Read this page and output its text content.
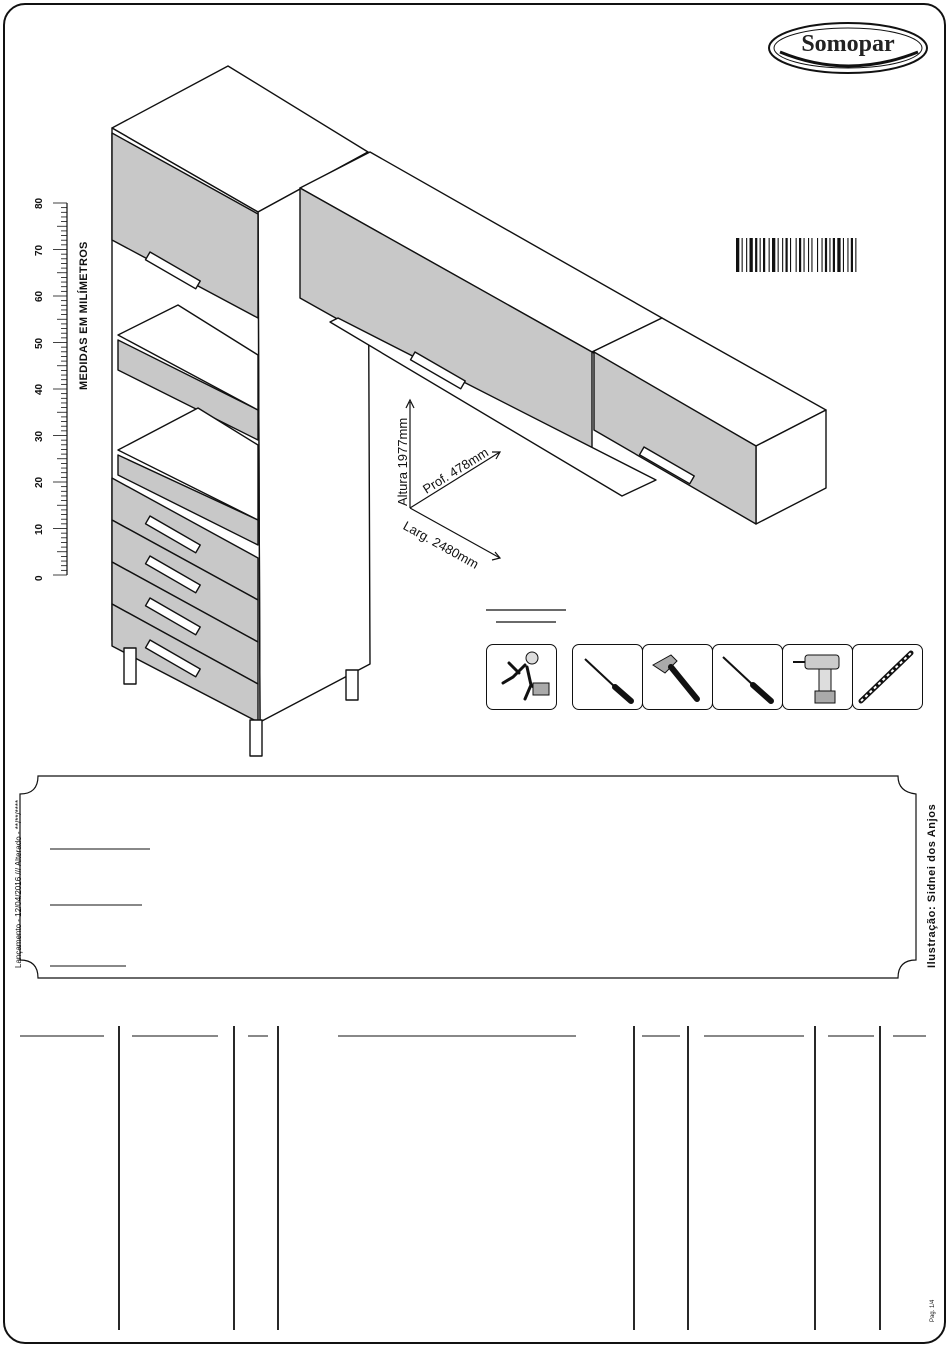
Somopar
MEDIDAS EM MILÍMETROS
0
10
20
30
40
50
60
70
80
Altura 1977mm Prof. 478mm
Larg. 2480mm
Lançamento - 12/04/2016 /// Alterado - **/**/****	Ilustração: Sidnei dos Anjos
Pag. 1/4
